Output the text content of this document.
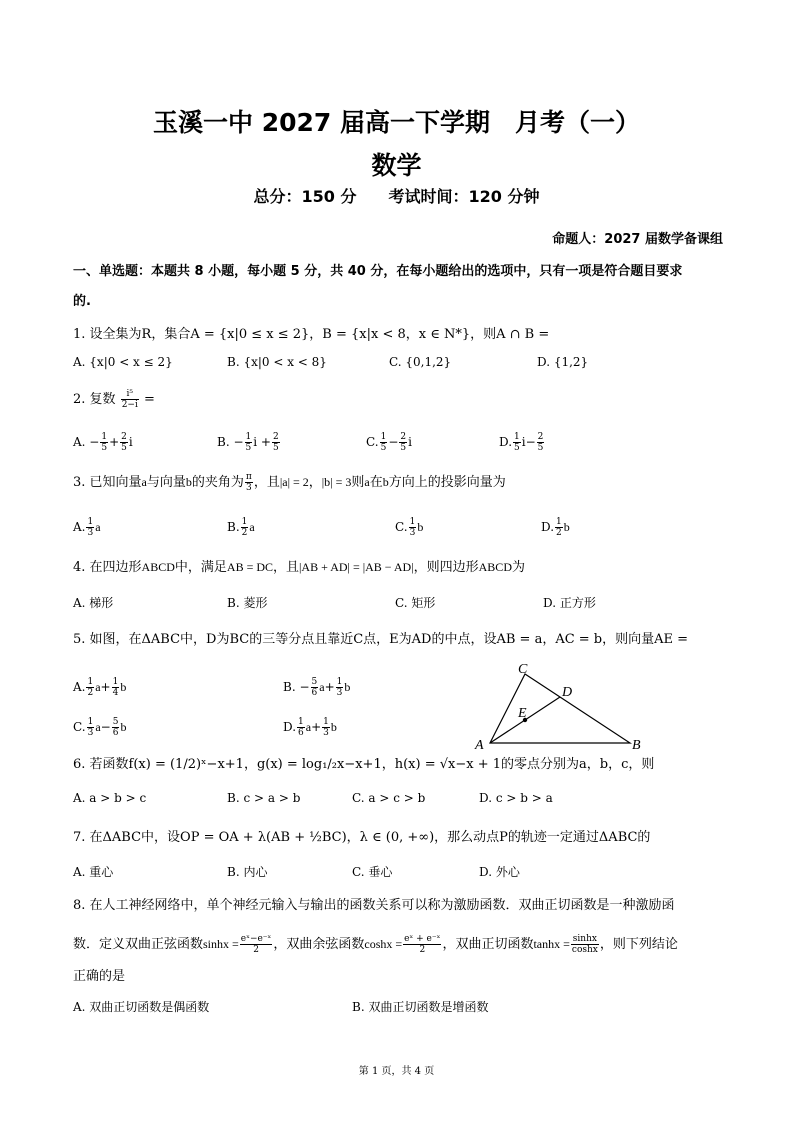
玉溪一中 2027 届高一下学期　月考（一）
数学
总分：150 分　　考试时间：120 分钟
命题人：2027 届数学备课组
一、单选题：本题共 8 小题，每小题 5 分，共 40 分，在每小题给出的选项中，只有一项是符合题目要求
的.
1. 设全集为R，集合A = {x|0 ≤ x ≤ 2}，B = {x|x < 8，x ∈ N*}，则A ∩ B =
A. {x|0 < x ≤ 2}	B. {x|0 < x < 8}	C. {0,1,2}	D. {1,2}
2. 复数 $\frac{\text{i⁵}}{2-i}$ =
A. − $\frac{1}{5} + \frac{2}{5}$ i	B. − $\frac{1}{5}$ $i + \frac{2}{5}$	C. $\frac{1}{5} - \frac{2}{5}$ i	D. $\frac{1}{5} i- \frac{2}{5}$
3. 已知向量a与向量b的夹角为 $\frac{\pi}{3}$ ，且|a| = 2，|b| = 3则a在b方向上的投影向量为
A. $\frac{1}{3}$ a	B. $\frac{1}{2}$ a	C. $\frac{1}{3}$ b	D. $\frac{1}{2}$ b
4. 在四边形ABCD中，满足AB = DC，且|AB + AD| = |AB − AD|，则四边形ABCD为
A. 梯形	B. 菱形	C. 矩形	D. 正方形
5. 如图，在ΔABC中，D为BC的三等分点且靠近C点，E为AD的中点，设AB = a，AC = b，则向量AE =
A. $\frac{1}{2} a+ \frac{1}{4}$ b	B. − $\frac{5}{6} a+ \frac{1}{3}$ b
C. $\frac{1}{3} a- \frac{5}{6}$ b	D. $\frac{1}{6} a+ \frac{1}{3}$ b
C
D
E
A	B
6. 若函数f(x) = (1/2)ˣ−x+1，g(x) = log₁/₂x−x+1，h(x) = √x−x + 1的零点分别为a，b，c，则
A. a > b > c	B. c > a > b	C. a > c > b	D. c > b > a
7. 在ΔABC中，设OP = OA + λ(AB + ½BC)，λ ∈ (0, +∞)，那么动点P的轨迹一定通过ΔABC的
A. 重心	B. 内心	C. 垂心	D. 外心
8. 在人工神经网络中，单个神经元输入与输出的函数关系可以称为激励函数．双曲正切函数是一种激励函
数．定义双曲正弦函数$\sinh x = \frac{\text{eˣ−e⁻ˣ}}{2}$ ，双曲余弦函数$\cosh x = \frac{\text{eˣ + e⁻ˣ}}{2}$ ，双曲正切函数$\tanh x = \frac{\sinh x}{\cosh x}$ ，则下列结论
正确的是
A. 双曲正切函数是偶函数	B. 双曲正切函数是增函数
第 1 页，共 4 页
